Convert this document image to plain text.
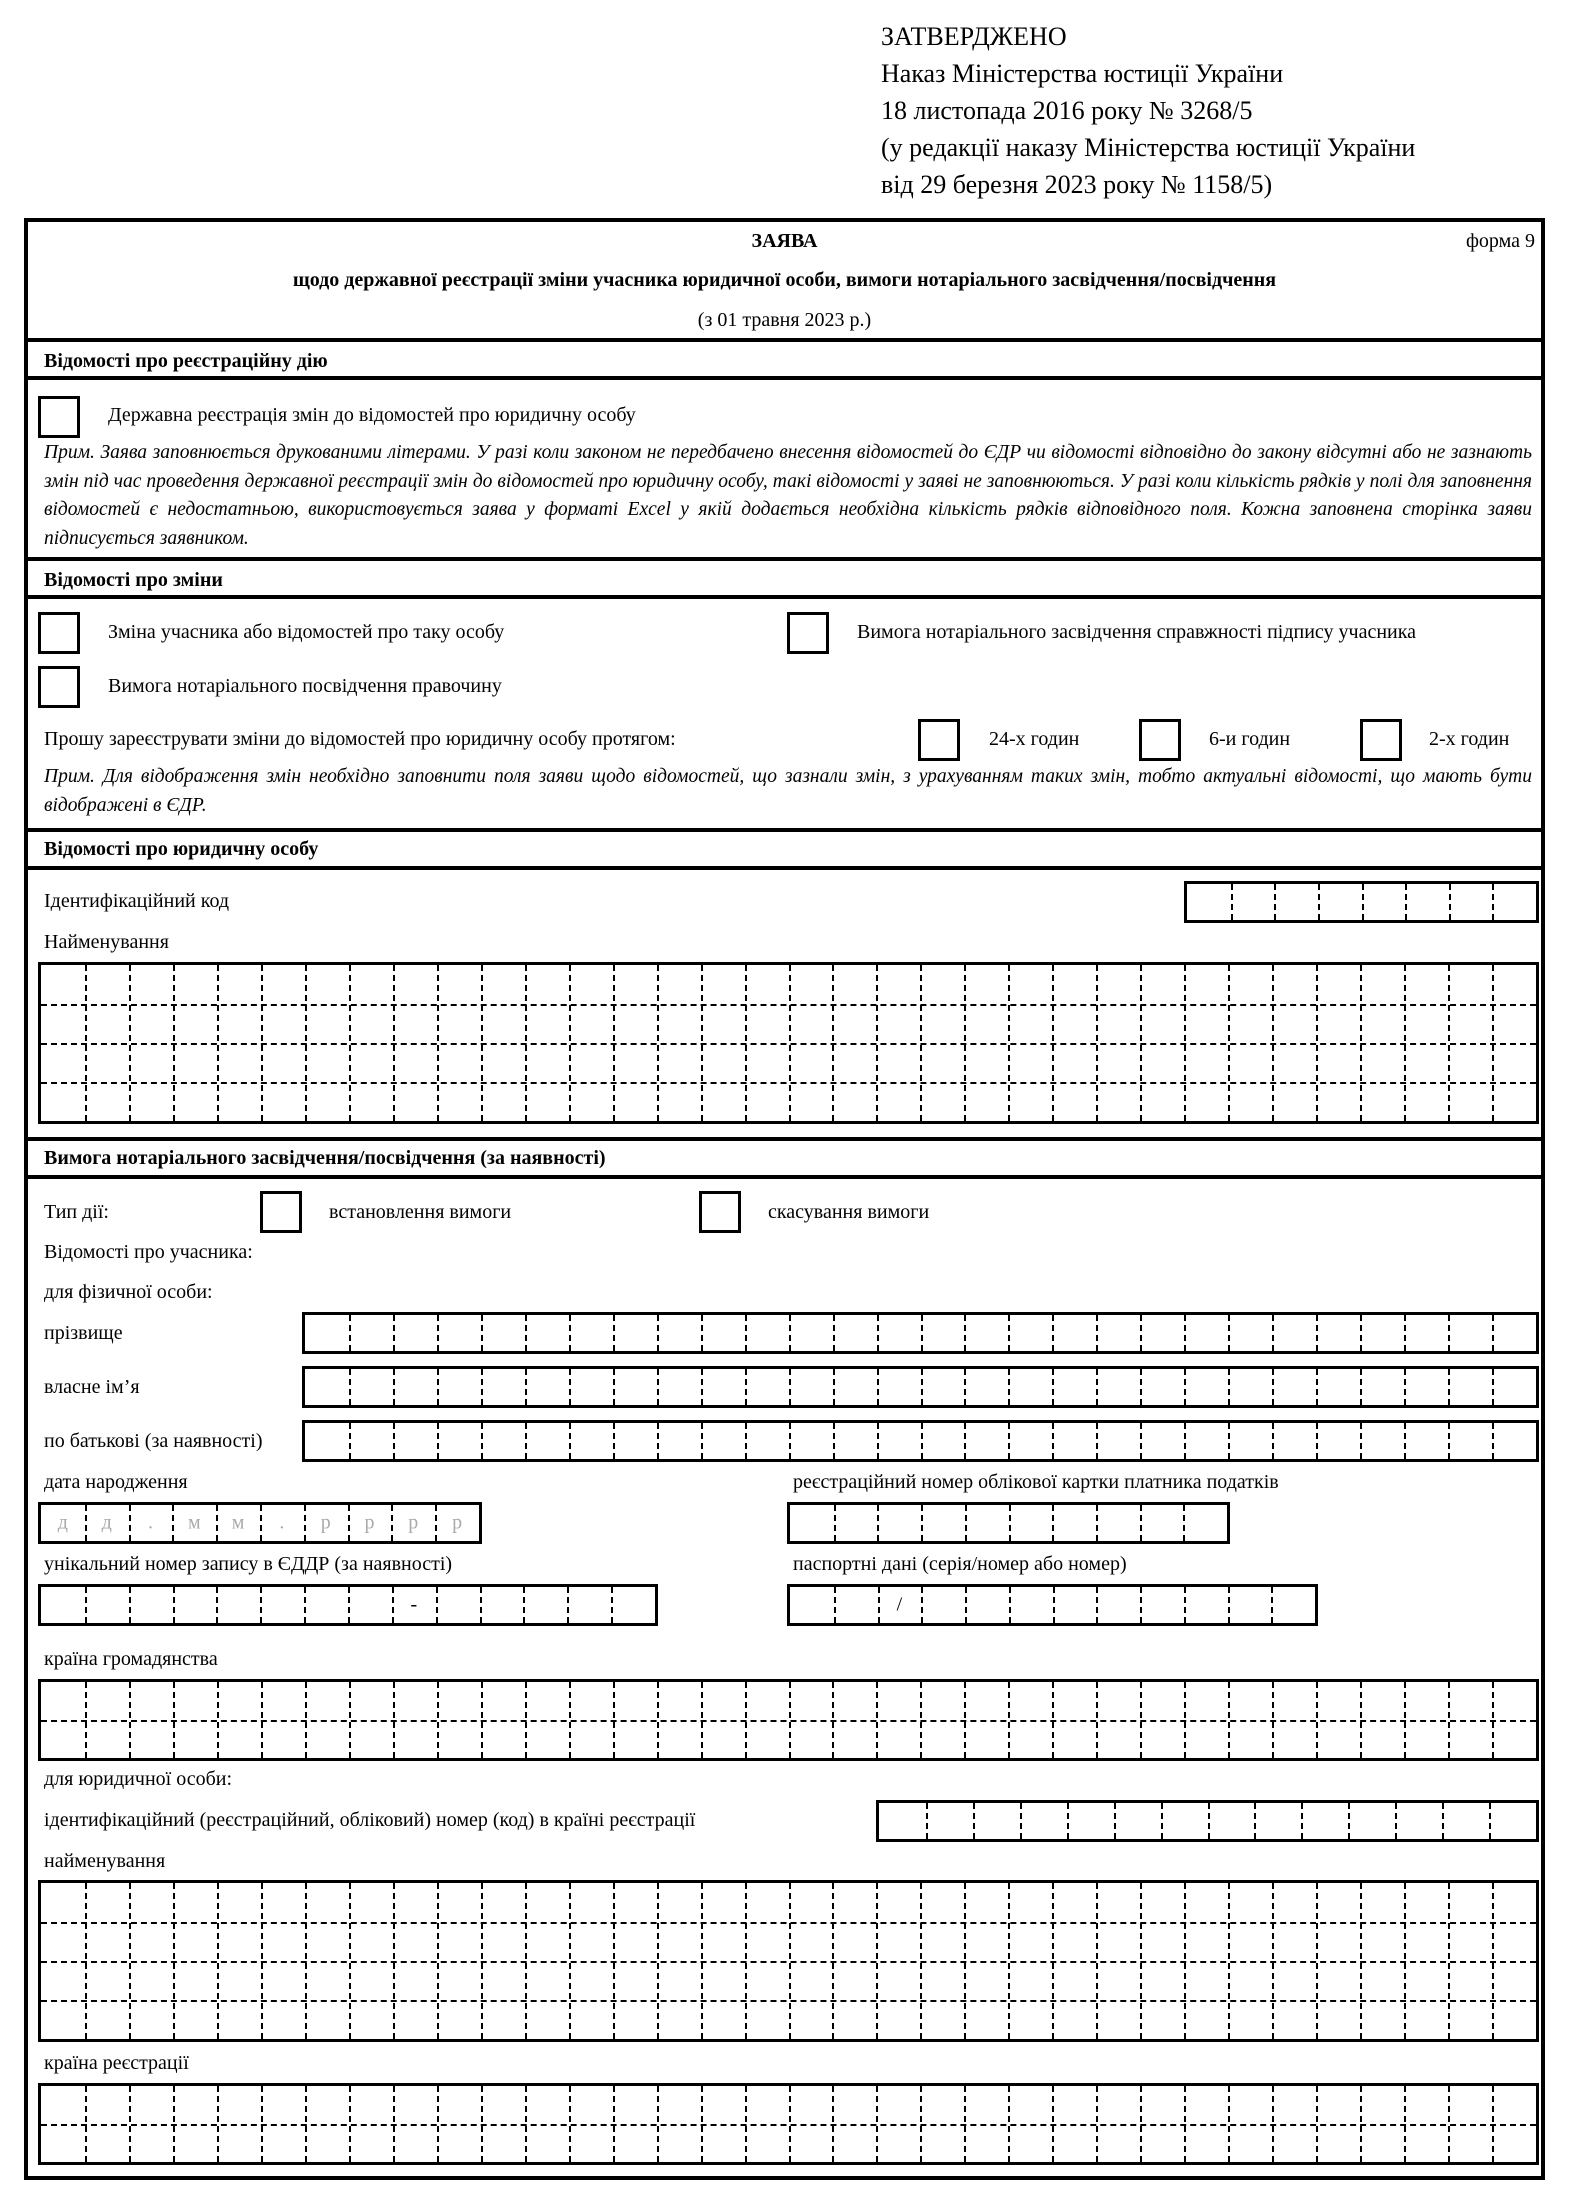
ЗАТВЕРДЖЕНО
Наказ Міністерства юстиції України
18 листопада 2016 року № 3268/5
(у редакції наказу Міністерства юстиції України
від 29 березня 2023 року № 1158/5)
ЗАЯВА	форма 9
щодо державної реєстрації зміни учасника юридичної особи, вимоги нотаріального засвідчення/посвідчення
(з 01 травня 2023 р.)
Відомості про реєстраційну дію
Державна реєстрація змін до відомостей про юридичну особу
Прим. Заява заповнюється друкованими літерами. У разі коли законом не передбачено внесення відомостей до ЄДР чи відомості відповідно до закону відсутні або не зазнають змін під час проведення державної реєстрації змін до відомостей про юридичну особу, такі відомості у заяві не заповнюються. У разі коли кількість рядків у полі для заповнення відомостей є недостатньою, використовується заява у форматі Excel у якій додається необхідна кількість рядків відповідного поля. Кожна заповнена сторінка заяви підписується заявником.
Відомості про зміни
Зміна учасника або відомостей про таку особу	Вимога нотаріального засвідчення справжності підпису учасника
Вимога нотаріального посвідчення правочину
Прошу зареєструвати зміни до відомостей про юридичну особу протягом:	24-х годин	6-и годин	2-х годин
Прим. Для відображення змін необхідно заповнити поля заяви щодо відомостей, що зазнали змін, з урахуванням таких змін, тобто актуальні відомості, що мають бути відображені в ЄДР.
Відомості про юридичну особу
Ідентифікаційний код
Найменування
Вимога нотаріального засвідчення/посвідчення (за наявності)
Тип дії:	встановлення вимоги	скасування вимоги
Відомості про учасника:
для фізичної особи:
прізвище
власне ім’я
по батькові (за наявності)
дата народження
д д . м м . р р р р
реєстраційний номер облікової картки платника податків
унікальний номер запису в ЄДДР (за наявності)
-
паспортні дані (серія/номер або номер)
/
країна громадянства
для юридичної особи:
ідентифікаційний (реєстраційний, обліковий) номер (код) в країні реєстрації
найменування
країна реєстрації
